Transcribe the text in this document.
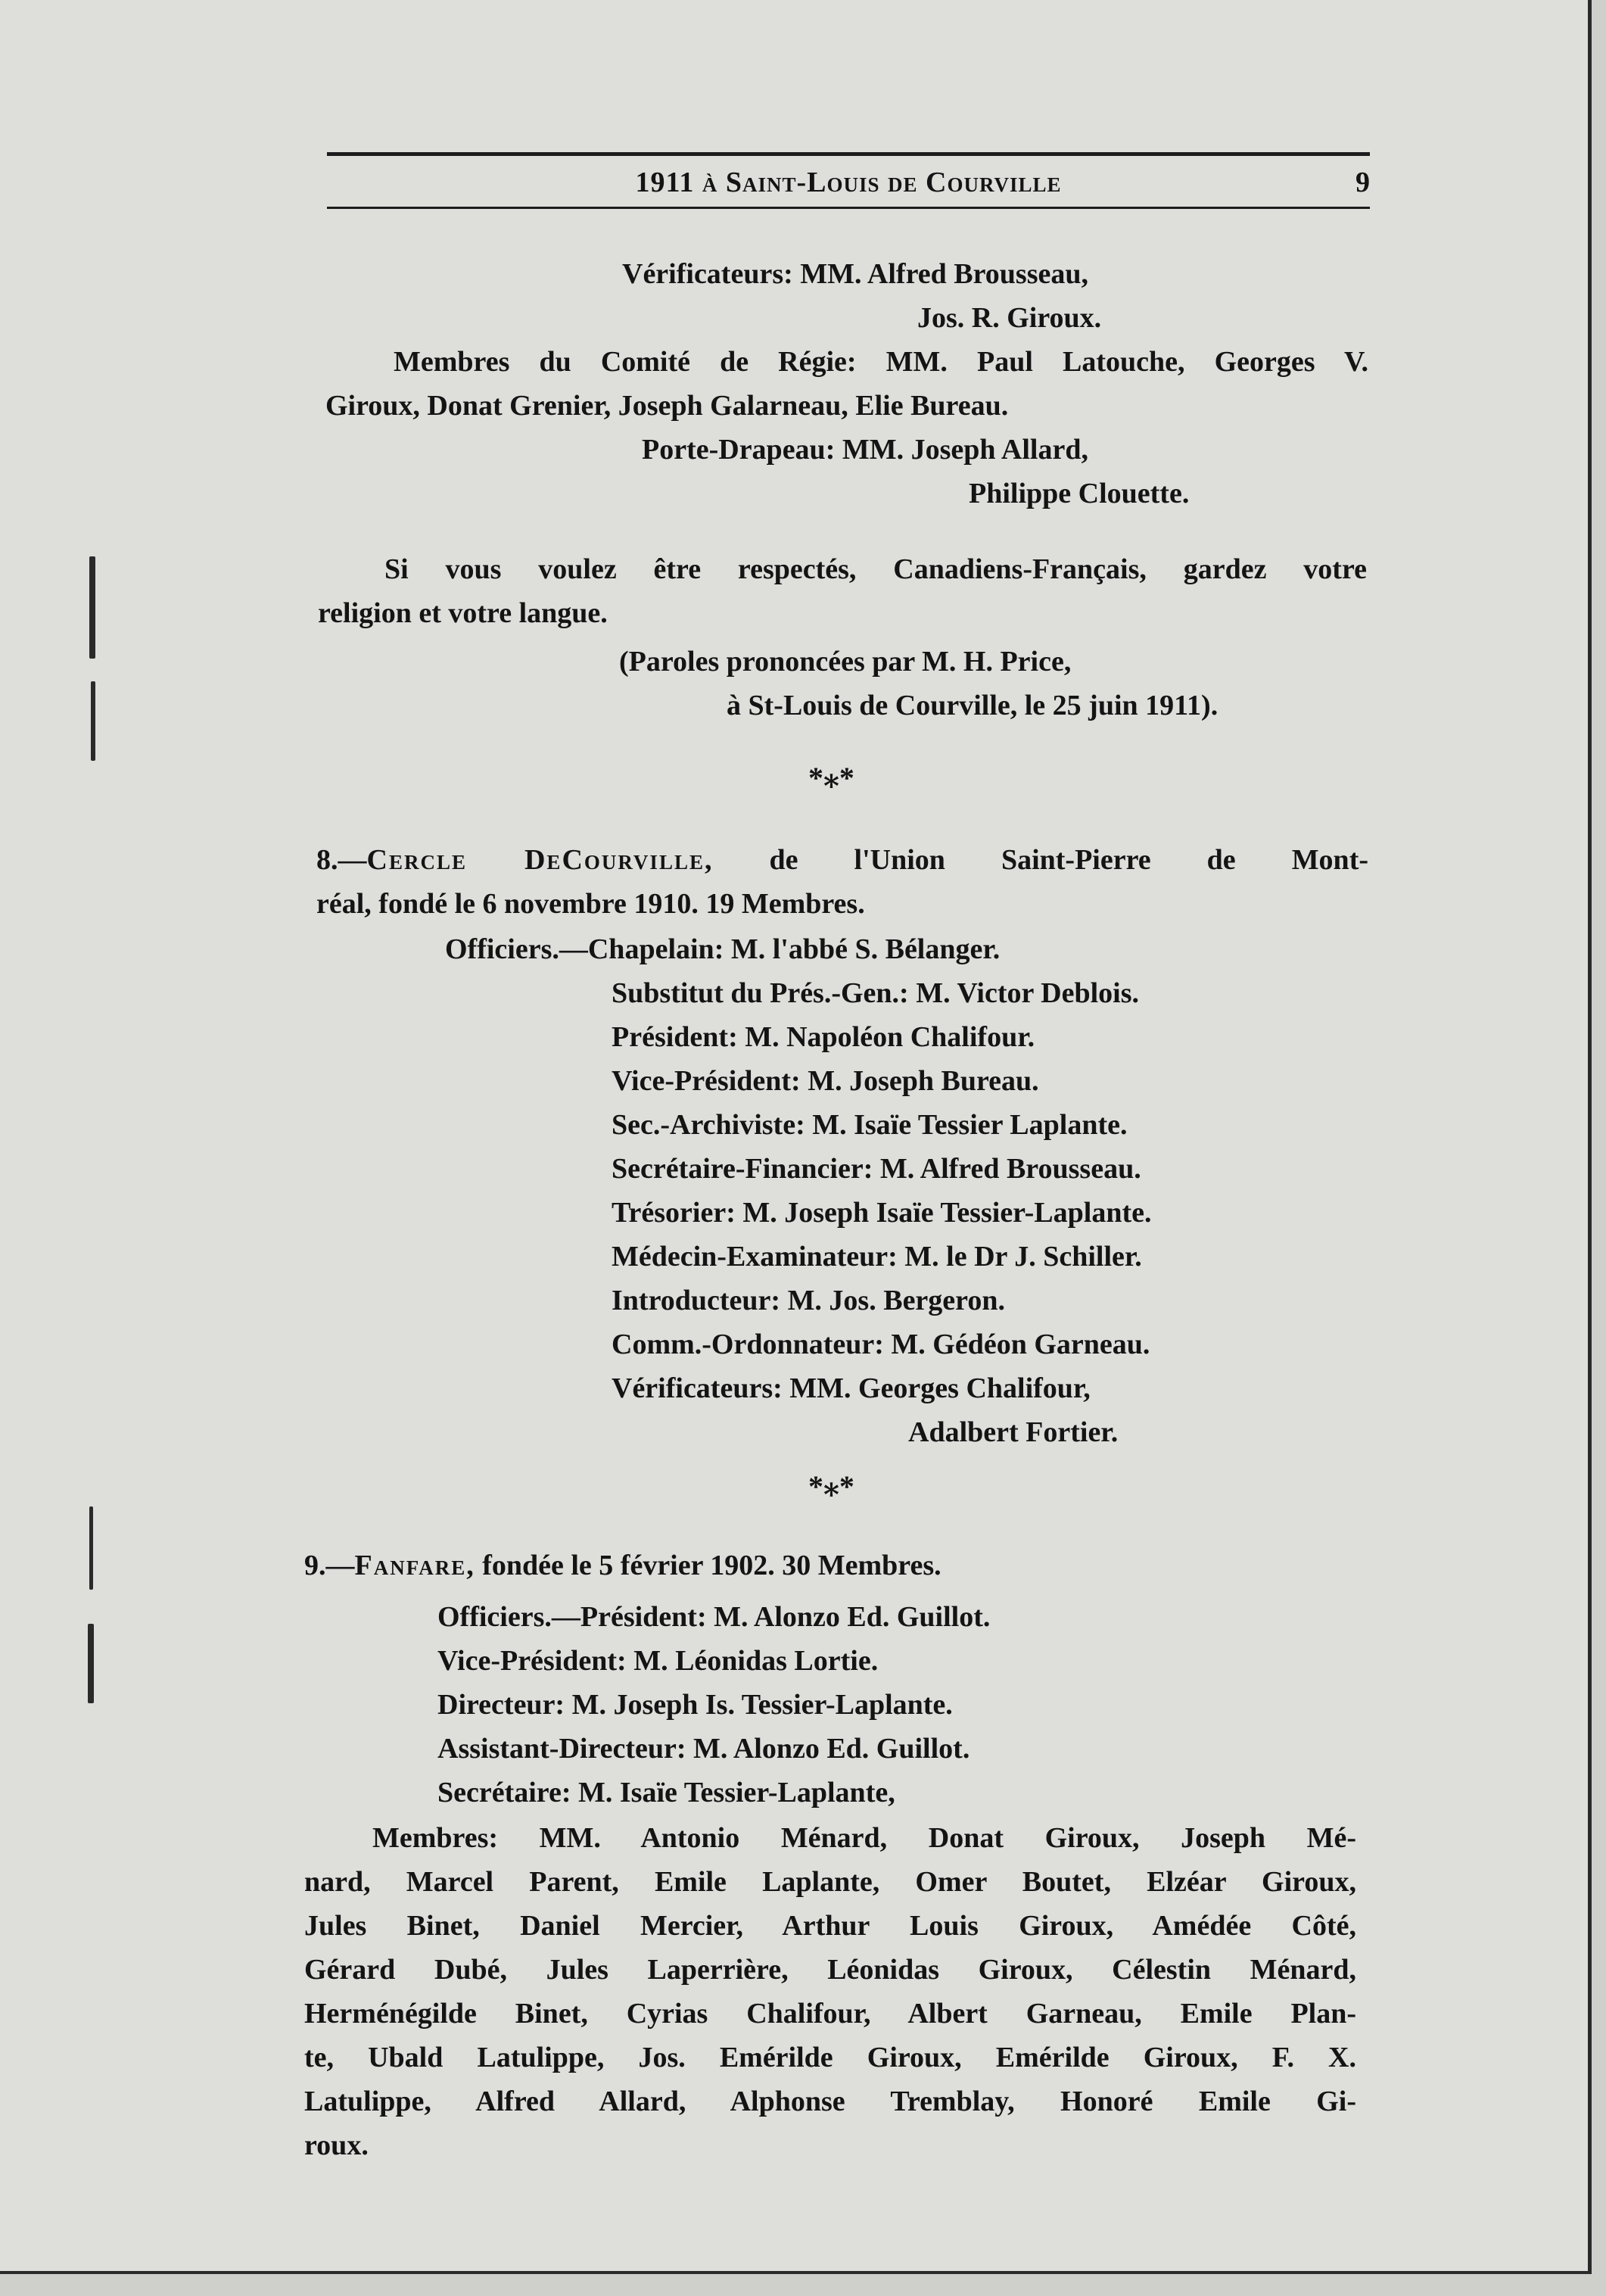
1911 à Saint-Louis de Courville	9
Vérificateurs: MM. Alfred Brousseau,
Jos. R. Giroux.
Membres du Comité de Régie: MM. Paul Latouche, Georges V.
Giroux, Donat Grenier, Joseph Galarneau, Elie Bureau.
Porte-Drapeau: MM. Joseph Allard,
Philippe Clouette.
Si vous voulez être respectés, Canadiens-Français, gardez votre
religion et votre langue.
(Paroles prononcées par M. H. Price,
à St-Louis de Courville, le 25 juin 1911).
*⁎*
8.—Cercle DeCourville, de l'Union Saint-Pierre de Mont-
réal, fondé le 6 novembre 1910. 19 Membres.
Officiers.—Chapelain: M. l'abbé S. Bélanger.
Substitut du Prés.-Gen.: M. Victor Deblois.
Président: M. Napoléon Chalifour.
Vice-Président: M. Joseph Bureau.
Sec.-Archiviste: M. Isaïe Tessier Laplante.
Secrétaire-Financier: M. Alfred Brousseau.
Trésorier: M. Joseph Isaïe Tessier-Laplante.
Médecin-Examinateur: M. le Dr J. Schiller.
Introducteur: M. Jos. Bergeron.
Comm.-Ordonnateur: M. Gédéon Garneau.
Vérificateurs: MM. Georges Chalifour,
Adalbert Fortier.
*⁎*
9.—Fanfare, fondée le 5 février 1902. 30 Membres.
Officiers.—Président: M. Alonzo Ed. Guillot.
Vice-Président: M. Léonidas Lortie.
Directeur: M. Joseph Is. Tessier-Laplante.
Assistant-Directeur: M. Alonzo Ed. Guillot.
Secrétaire: M. Isaïe Tessier-Laplante,
Membres: MM. Antonio Ménard, Donat Giroux, Joseph Mé-
nard, Marcel Parent, Emile Laplante, Omer Boutet, Elzéar Giroux,
Jules Binet, Daniel Mercier, Arthur Louis Giroux, Amédée Côté,
Gérard Dubé, Jules Laperrière, Léonidas Giroux, Célestin Ménard,
Herménégilde Binet, Cyrias Chalifour, Albert Garneau, Emile Plan-
te, Ubald Latulippe, Jos. Emérilde Giroux, Emérilde Giroux, F. X.
Latulippe, Alfred Allard, Alphonse Tremblay, Honoré Emile Gi-
roux.
